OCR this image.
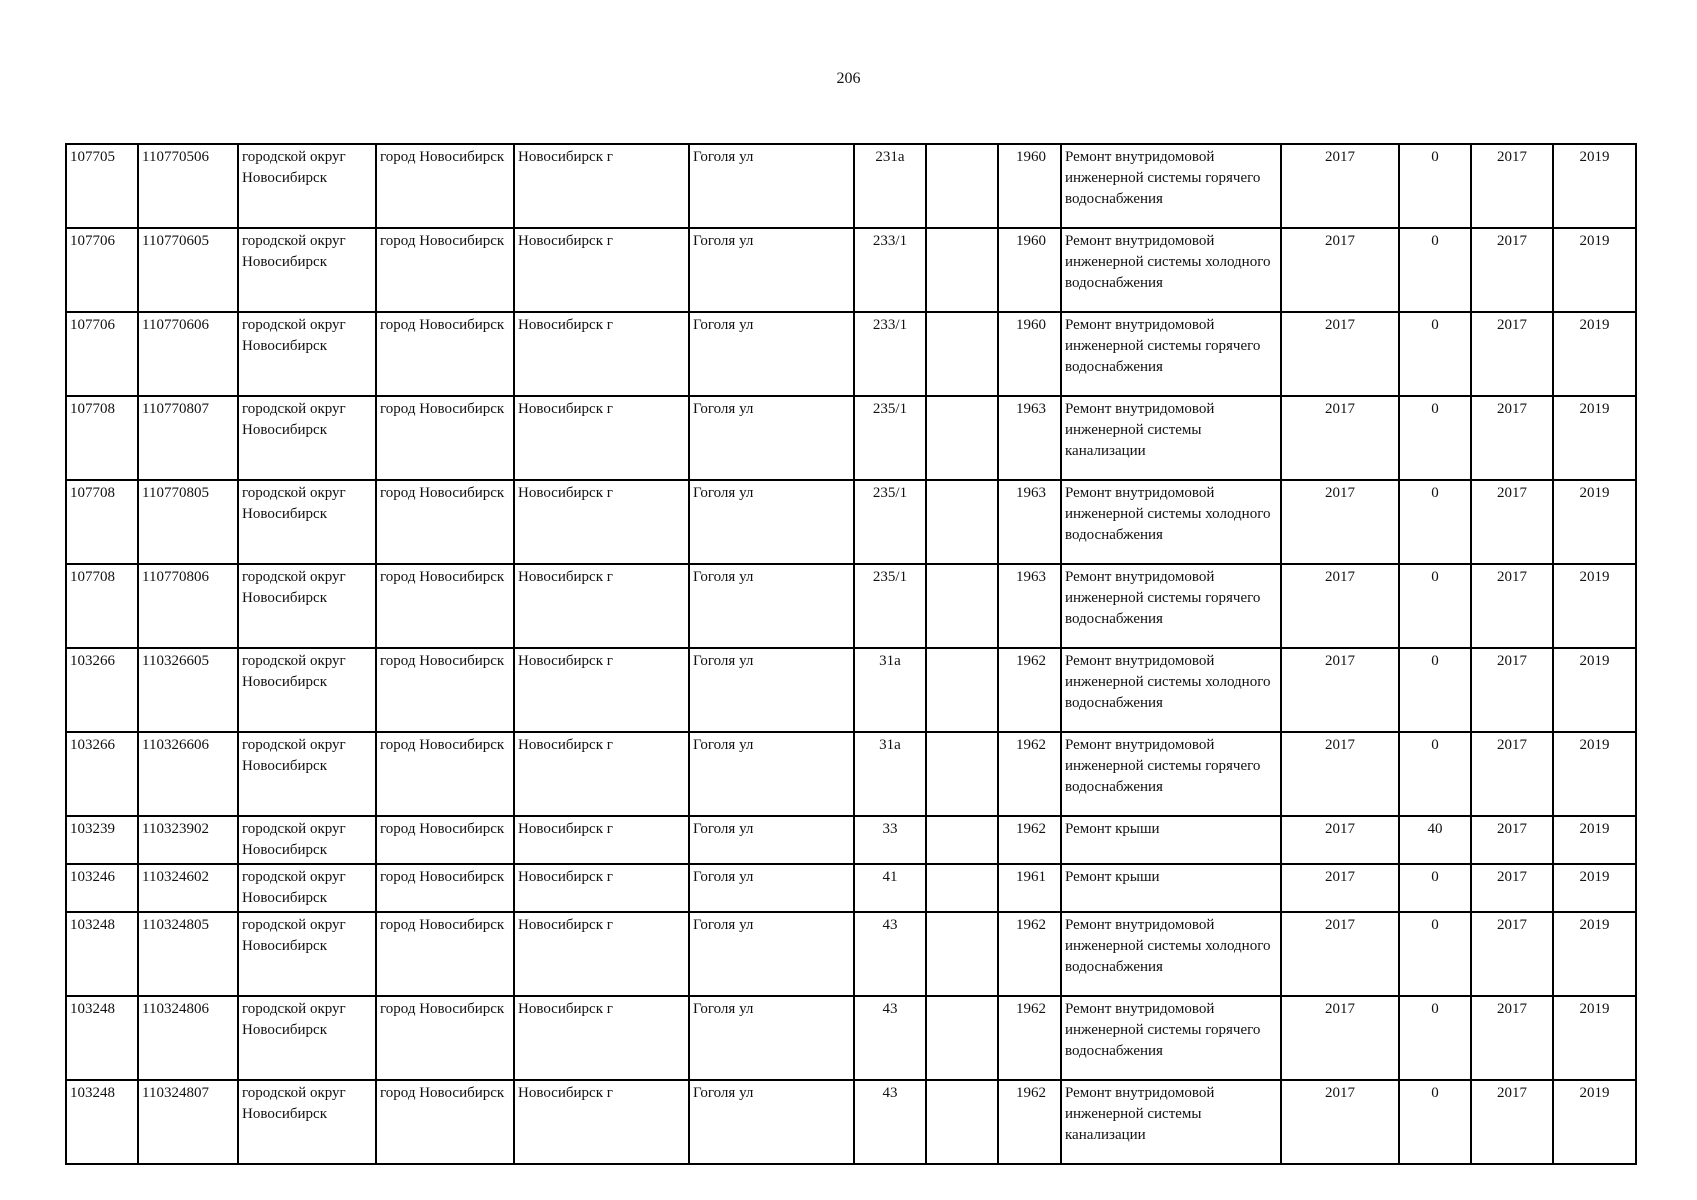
206
107705	110770506	городской округ Новосибирск	город Новосибирск	Новосибирск г	Гоголя ул	231а		1960	Ремонт внутридомовой инженерной системы горячего водоснабжения	2017	0	2017	2019
107706	110770605	городской округ Новосибирск	город Новосибирск	Новосибирск г	Гоголя ул	233/1		1960	Ремонт внутридомовой инженерной системы холодного водоснабжения	2017	0	2017	2019
107706	110770606	городской округ Новосибирск	город Новосибирск	Новосибирск г	Гоголя ул	233/1		1960	Ремонт внутридомовой инженерной системы горячего водоснабжения	2017	0	2017	2019
107708	110770807	городской округ Новосибирск	город Новосибирск	Новосибирск г	Гоголя ул	235/1		1963	Ремонт внутридомовой инженерной системы канализации	2017	0	2017	2019
107708	110770805	городской округ Новосибирск	город Новосибирск	Новосибирск г	Гоголя ул	235/1		1963	Ремонт внутридомовой инженерной системы холодного водоснабжения	2017	0	2017	2019
107708	110770806	городской округ Новосибирск	город Новосибирск	Новосибирск г	Гоголя ул	235/1		1963	Ремонт внутридомовой инженерной системы горячего водоснабжения	2017	0	2017	2019
103266	110326605	городской округ Новосибирск	город Новосибирск	Новосибирск г	Гоголя ул	31а		1962	Ремонт внутридомовой инженерной системы холодного водоснабжения	2017	0	2017	2019
103266	110326606	городской округ Новосибирск	город Новосибирск	Новосибирск г	Гоголя ул	31а		1962	Ремонт внутридомовой инженерной системы горячего водоснабжения	2017	0	2017	2019
103239	110323902	городской округ Новосибирск	город Новосибирск	Новосибирск г	Гоголя ул	33		1962	Ремонт крыши	2017	40	2017	2019
103246	110324602	городской округ Новосибирск	город Новосибирск	Новосибирск г	Гоголя ул	41		1961	Ремонт крыши	2017	0	2017	2019
103248	110324805	городской округ Новосибирск	город Новосибирск	Новосибирск г	Гоголя ул	43		1962	Ремонт внутридомовой инженерной системы холодного водоснабжения	2017	0	2017	2019
103248	110324806	городской округ Новосибирск	город Новосибирск	Новосибирск г	Гоголя ул	43		1962	Ремонт внутридомовой инженерной системы горячего водоснабжения	2017	0	2017	2019
103248	110324807	городской округ Новосибирск	город Новосибирск	Новосибирск г	Гоголя ул	43		1962	Ремонт внутридомовой инженерной системы канализации	2017	0	2017	2019
